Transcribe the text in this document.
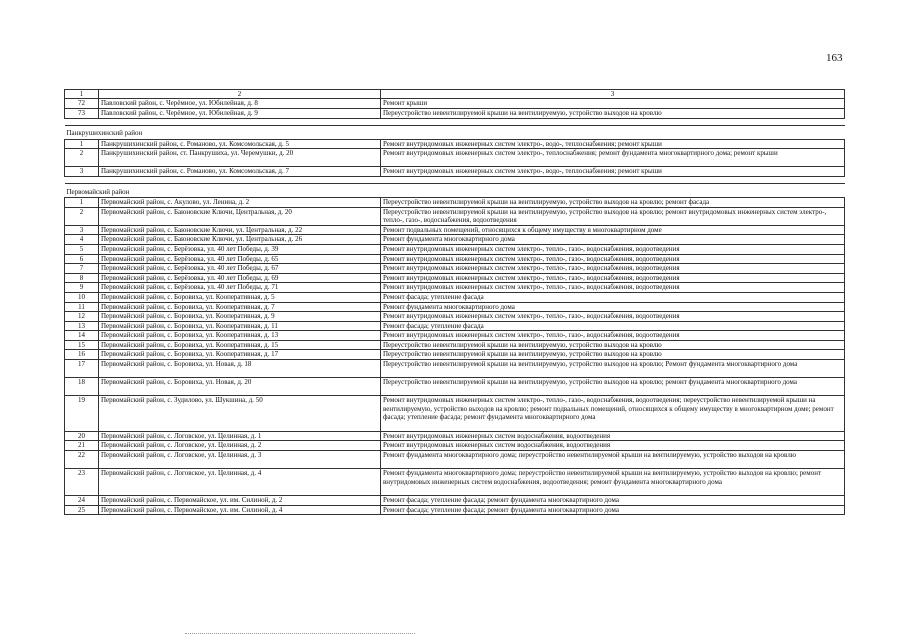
163
1	2	3
72	Павловский район, с. Черёмное, ул. Юбилейная, д. 8	Ремонт крыши
73	Павловский район, с. Черёмное, ул. Юбилейная, д. 9	Переустройство невентилируемой крыши на вентилируемую, устройство выходов на кровлю

Панкрушихинский район		
1	Панкрушихинский район, с. Романово, ул. Комсомольская, д. 5	Ремонт внутридомовых инженерных систем электро-, водо-, теплоснабжения; ремонт крыши
2	Панкрушихинский район, ст. Панкрушиха, ул. Черемушки, д. 20	Ремонт внутридомовых инженерных систем электро-, теплоснабжения; ремонт фундамента многоквартирного дома; ремонт крыши
3	Панкрушихинский район, с. Романово, ул. Комсомольская, д. 7	Ремонт внутридомовых инженерных систем электро-, водо-, теплоснабжения; ремонт крыши

Первомайский район		
1	Первомайский район, с. Акулово, ул. Ленина, д. 2	Переустройство невентилируемой крыши на вентилируемую, устройство выходов на кровлю; ремонт фасада
2	Первомайский район, с. Баюновские Ключи, Центральная, д. 20	Переустройство невентилируемой крыши на вентилируемую, устройство выходов на кровлю; ремонт внутридомовых инженерных систем электро-, тепло-, газо-, водоснабжения, водоотведения
3	Первомайский район, с. Баюновские Ключи, ул. Центральная, д. 22	Ремонт подвальных помещений, относящихся к общему имуществу в многоквартирном доме
4	Первомайский район, с. Баюновские Ключи, ул. Центральная, д. 26	Ремонт фундамента многоквартирного дома
5	Первомайский район, с. Берёзовка, ул. 40 лет Победы, д. 39	Ремонт внутридомовых инженерных систем электро-, тепло-, газо-, водоснабжения, водоотведения
6	Первомайский район, с. Берёзовка, ул. 40 лет Победы, д. 65	Ремонт внутридомовых инженерных систем электро-, тепло-, газо-, водоснабжения, водоотведения
7	Первомайский район, с. Берёзовка, ул. 40 лет Победы, д. 67	Ремонт внутридомовых инженерных систем электро-, тепло-, газо-, водоснабжения, водоотведения
8	Первомайский район, с. Берёзовка, ул. 40 лет Победы, д. 69	Ремонт внутридомовых инженерных систем электро-, тепло-, газо-, водоснабжения, водоотведения
9	Первомайский район, с. Берёзовка, ул. 40 лет Победы, д. 71	Ремонт внутридомовых инженерных систем электро-, тепло-, газо-, водоснабжения, водоотведения
10	Первомайский район, с. Боровиха, ул. Кооперативная, д. 5	Ремонт фасада; утепление фасада
11	Первомайский район, с. Боровиха, ул. Кооперативная, д. 7	Ремонт фундамента многоквартирного дома
12	Первомайский район, с. Боровиха, ул. Кооперативная, д. 9	Ремонт внутридомовых инженерных систем электро-, тепло-, газо-, водоснабжения, водоотведения
13	Первомайский район, с. Боровиха, ул. Кооперативная, д. 11	Ремонт фасада; утепление фасада
14	Первомайский район, с. Боровиха, ул. Кооперативная, д. 13	Ремонт внутридомовых инженерных систем электро-, тепло-, газо-, водоснабжения, водоотведения
15	Первомайский район, с. Боровиха, ул. Кооперативная, д. 15	Переустройство невентилируемой крыши на вентилируемую, устройство выходов на кровлю
16	Первомайский район, с. Боровиха, ул. Кооперативная, д. 17	Переустройство невентилируемой крыши на вентилируемую, устройство выходов на кровлю
17	Первомайский район, с. Боровиха, ул. Новая, д. 18	Переустройство невентилируемой крыши на вентилируемую, устройство выходов на кровлю; Ремонт фундамента многоквартирного дома
18	Первомайский район, с. Боровиха, ул. Новая, д. 20	Переустройство невентилируемой крыши на вентилируемую, устройство выходов на кровлю; ремонт фундамента многоквартирного дома
19	Первомайский район, с. Зудилово, ул. Шукшина, д. 50	Ремонт внутридомовых инженерных систем электро-, тепло-, газо-, водоснабжения, водоотведения; переустройство невентилируемой крыши на вентилируемую, устройство выходов на кровлю; ремонт подвальных помещений, относящихся к общему имуществу в многоквартирном доме; ремонт фасада; утепление фасада; ремонт фундамента многоквартирного дома
20	Первомайский район, с. Логовское, ул. Целинная, д. 1	Ремонт внутридомовых инженерных систем водоснабжения, водоотведения
21	Первомайский район, с. Логовское, ул. Целинная, д. 2	Ремонт внутридомовых инженерных систем водоснабжения, водоотведения
22	Первомайский район, с. Логовское, ул. Целинная, д. 3	Ремонт фундамента многоквартирного дома; переустройство невентилируемой крыши на вентилируемую, устройство выходов на кровлю
23	Первомайский район, с. Логовское, ул. Целинная, д. 4	Ремонт фундамента многоквартирного дома; переустройство невентилируемой крыши на вентилируемую, устройство выходов на кровлю; ремонт внутридомовых инженерных систем водоснабжения, водоотведения; ремонт фундамента многоквартирного дома
24	Первомайский район, с. Первомайское, ул. им. Силиной, д. 2	Ремонт фасада; утепление фасада; ремонт фундамента многоквартирного дома
25	Первомайский район, с. Первомайское, ул. им. Силиной, д. 4	Ремонт фасада; утепление фасада; ремонт фундамента многоквартирного дома
